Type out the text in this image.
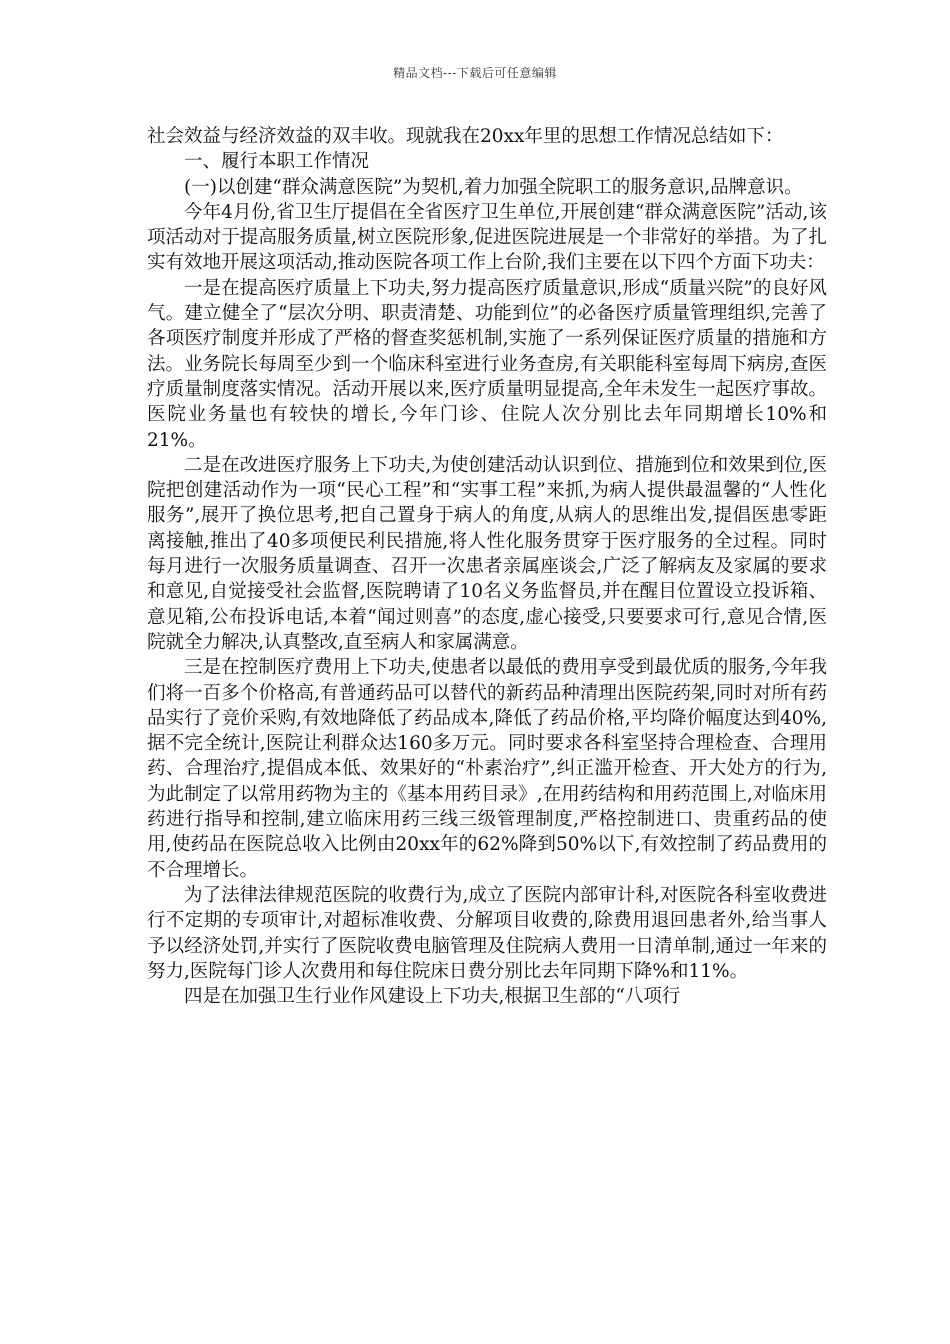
精品文档---下载后可任意编辑

社会效益与经济效益的双丰收。现就我在20xx年里的思想工作情况总结如下：

一、履行本职工作情况

(一)以创建“群众满意医院”为契机,着力加强全院职工的服务意识,品牌意识。

今年4月份,省卫生厅提倡在全省医疗卫生单位,开展创建“群众满意医院”活动,该项活动对于提高服务质量,树立医院形象,促进医院进展是一个非常好的举措。为了扎实有效地开展这项活动,推动医院各项工作上台阶,我们主要在以下四个方面下功夫：

一是在提高医疗质量上下功夫,努力提高医疗质量意识,形成“质量兴院”的良好风气。建立健全了“层次分明、职责清楚、功能到位”的必备医疗质量管理组织,完善了各项医疗制度并形成了严格的督查奖惩机制,实施了一系列保证医疗质量的措施和方法。业务院长每周至少到一个临床科室进行业务查房,有关职能科室每周下病房,查医疗质量制度落实情况。活动开展以来,医疗质量明显提高,全年未发生一起医疗事故。医院业务量也有较快的增长,今年门诊、住院人次分别比去年同期增长10%和21%。

二是在改进医疗服务上下功夫,为使创建活动认识到位、措施到位和效果到位,医院把创建活动作为一项“民心工程”和“实事工程”来抓,为病人提供最温馨的“人性化服务”,展开了换位思考,把自己置身于病人的角度,从病人的思维出发,提倡医患零距离接触,推出了40多项便民利民措施,将人性化服务贯穿于医疗服务的全过程。同时每月进行一次服务质量调查、召开一次患者亲属座谈会,广泛了解病友及家属的要求和意见,自觉接受社会监督,医院聘请了10名义务监督员,并在醒目位置设立投诉箱、意见箱,公布投诉电话,本着“闻过则喜”的态度,虚心接受,只要要求可行,意见合情,医院就全力解决,认真整改,直至病人和家属满意。

三是在控制医疗费用上下功夫,使患者以最低的费用享受到最优质的服务,今年我们将一百多个价格高,有普通药品可以替代的新药品种清理出医院药架,同时对所有药品实行了竞价采购,有效地降低了药品成本,降低了药品价格,平均降价幅度达到40%,据不完全统计,医院让利群众达160多万元。同时要求各科室坚持合理检查、合理用药、合理治疗,提倡成本低、效果好的“朴素治疗”,纠正滥开检查、开大处方的行为,为此制定了以常用药物为主的《基本用药目录》,在用药结构和用药范围上,对临床用药进行指导和控制,建立临床用药三线三级管理制度,严格控制进口、贵重药品的使用,使药品在医院总收入比例由20xx年的62%降到50%以下,有效控制了药品费用的不合理增长。

为了法律法律规范医院的收费行为,成立了医院内部审计科,对医院各科室收费进行不定期的专项审计,对超标准收费、分解项目收费的,除费用退回患者外,给当事人予以经济处罚,并实行了医院收费电脑管理及住院病人费用一日清单制,通过一年来的努力,医院每门诊人次费用和每住院床日费分别比去年同期下降%和11%。

四是在加强卫生行业作风建设上下功夫,根据卫生部的“八项行
